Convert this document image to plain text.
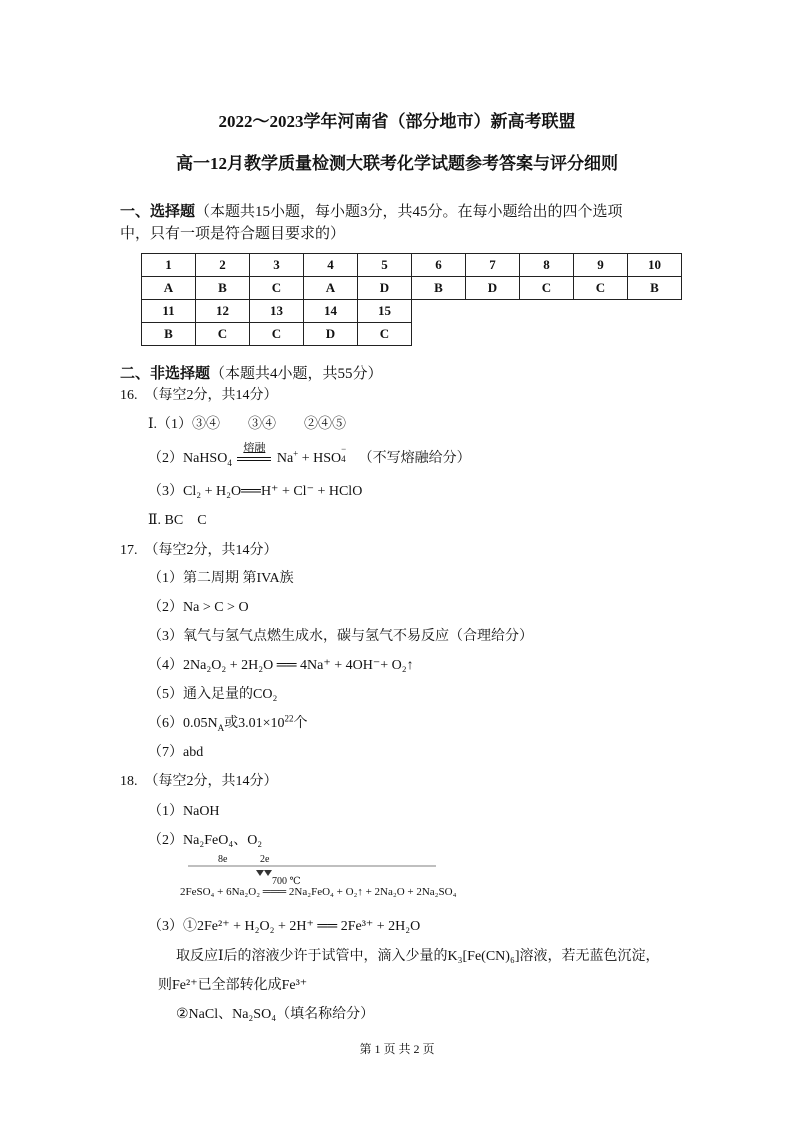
2022～2023学年河南省（部分地市）新高考联盟
高一12月教学质量检测大联考化学试题参考答案与评分细则
一、选择题（本题共15小题，每小题3分，共45分。在每小题给出的四个选项
中，只有一项是符合题目要求的）
1	2	3	4	5	6	7	8	9	10
A	B	C	A	D	B	D	C	C	B
11	12	13	14	15					
B	C	C	D	C					
二、非选择题（本题共4小题，共55分）
16.　（每空2分，共14分）
Ⅰ.（1）③④　　③④　　②④⑤
（2）NaHSO$_4$
熔融
Na+ + HSO
−
4 （不写熔融给分）
（3）Cl₂ + H₂O══H⁺ + Cl⁻ + HClO
Ⅱ. BC　C
17.　（每空2分，共14分）
（1）第二周期 第IVA族
（2）Na > C > O
（3）氧气与氢气点燃生成水，碳与氢气不易反应（合理给分）
（4）2Na₂O₂ + 2H₂O ══ 4Na⁺ + 4OH⁻+ O₂↑
（5）通入足量的CO₂
$(6)0.05N_A$或$3.01\times 10^{22}$个
（7）abd
18.　（每空2分，共14分）
（1）NaOH
（2）Na₂FeO₄、O₂
8e	2e
700 ℃
2FeSO₄ + 6Na₂O₂ ═══ 2Na₂FeO₄ + O₂↑ + 2Na₂O + 2Na₂SO₄
（3）①2Fe²⁺ + H₂O₂ + 2H⁺ ══ 2Fe³⁺ + 2H₂O
取反应Ⅰ后的溶液少许于试管中，滴入少量的K₃[Fe(CN)₆]溶液，若无蓝色沉淀，
则Fe²⁺已全部转化成Fe³⁺
②NaCl、Na₂SO₄（填名称给分）
第 1 页 共 2 页
